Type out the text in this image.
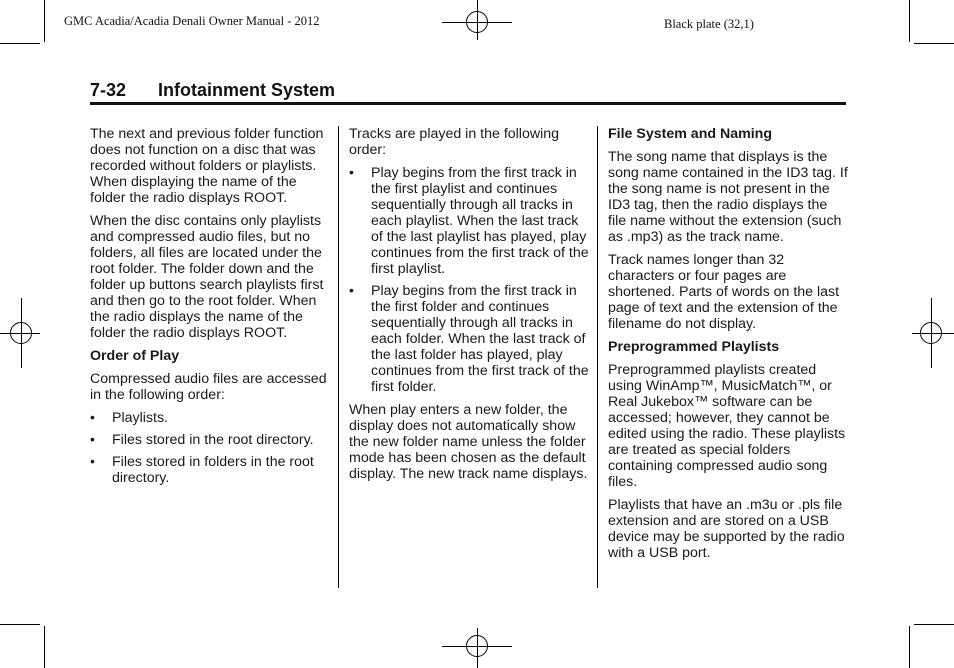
GMC Acadia/Acadia Denali Owner Manual - 2012	Black plate (32,1)
7-32 Infotainment System

The next and previous folder function does not function on a disc that was recorded without folders or playlists. When displaying the name of the folder the radio displays ROOT.

When the disc contains only playlists and compressed audio files, but no folders, all files are located under the root folder. The folder down and the folder up buttons search playlists first and then go to the root folder. When the radio displays the name of the folder the radio displays ROOT.

Order of Play

Compressed audio files are accessed in the following order:

• Playlists.
• Files stored in the root directory.
• Files stored in folders in the root directory.

Tracks are played in the following order:

• Play begins from the first track in the first playlist and continues sequentially through all tracks in each playlist. When the last track of the last playlist has played, play continues from the first track of the first playlist.
• Play begins from the first track in the first folder and continues sequentially through all tracks in each folder. When the last track of the last folder has played, play continues from the first track of the first folder.

When play enters a new folder, the display does not automatically show the new folder name unless the folder mode has been chosen as the default display. The new track name displays.

File System and Naming

The song name that displays is the song name contained in the ID3 tag. If the song name is not present in the ID3 tag, then the radio displays the file name without the extension (such as .mp3) as the track name.

Track names longer than 32 characters or four pages are shortened. Parts of words on the last page of text and the extension of the filename do not display.

Preprogrammed Playlists

Preprogrammed playlists created using WinAmp™, MusicMatch™, or Real Jukebox™ software can be accessed; however, they cannot be edited using the radio. These playlists are treated as special folders containing compressed audio song files.

Playlists that have an .m3u or .pls file extension and are stored on a USB device may be supported by the radio with a USB port.
